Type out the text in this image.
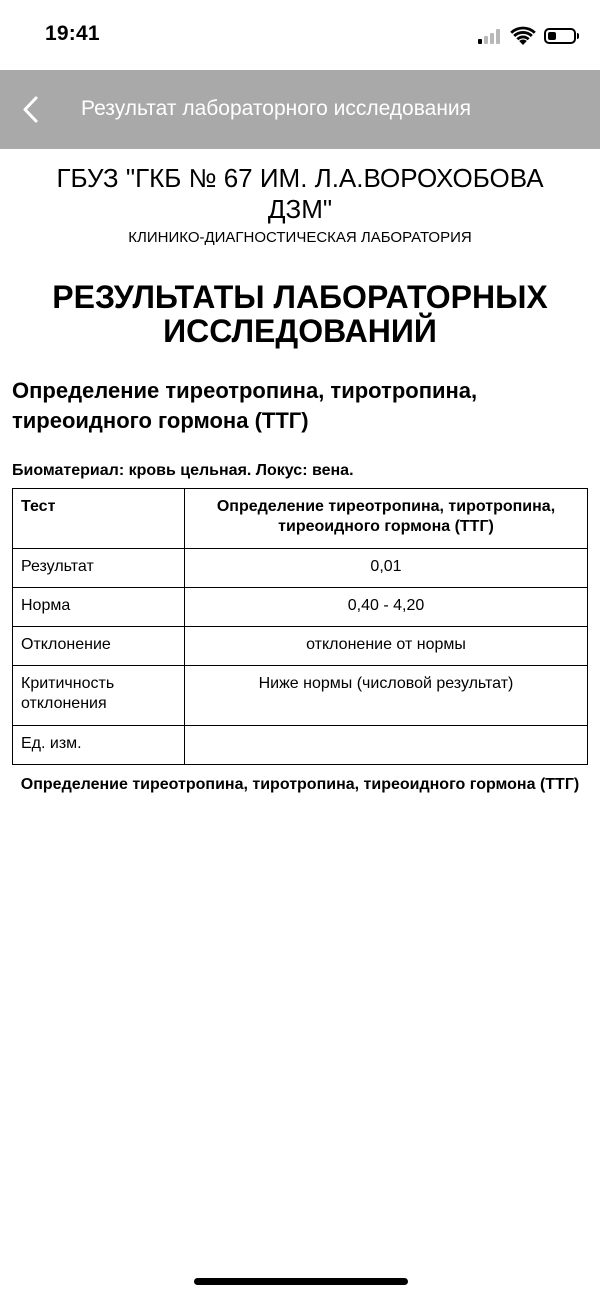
19:41
Результат лабораторного исследования
ГБУЗ "ГКБ № 67 ИМ. Л.А.ВОРОХОБОВА ДЗМ"
КЛИНИКО-ДИАГНОСТИЧЕСКАЯ ЛАБОРАТОРИЯ
РЕЗУЛЬТАТЫ ЛАБОРАТОРНЫХ ИССЛЕДОВАНИЙ
Определение тиреотропина, тиротропина, тиреоидного гормона (ТТГ)
Биоматериал: кровь цельная. Локус: вена.
Тест	Определение тиреотропина, тиротропина, тиреоидного гормона (ТТГ)
Результат	0,01
Норма	0,40 - 4,20
Отклонение	отклонение от нормы
Критичность отклонения	Ниже нормы (числовой результат)
Ед. изм.	
Определение тиреотропина, тиротропина, тиреоидного гормона (ТТГ)
